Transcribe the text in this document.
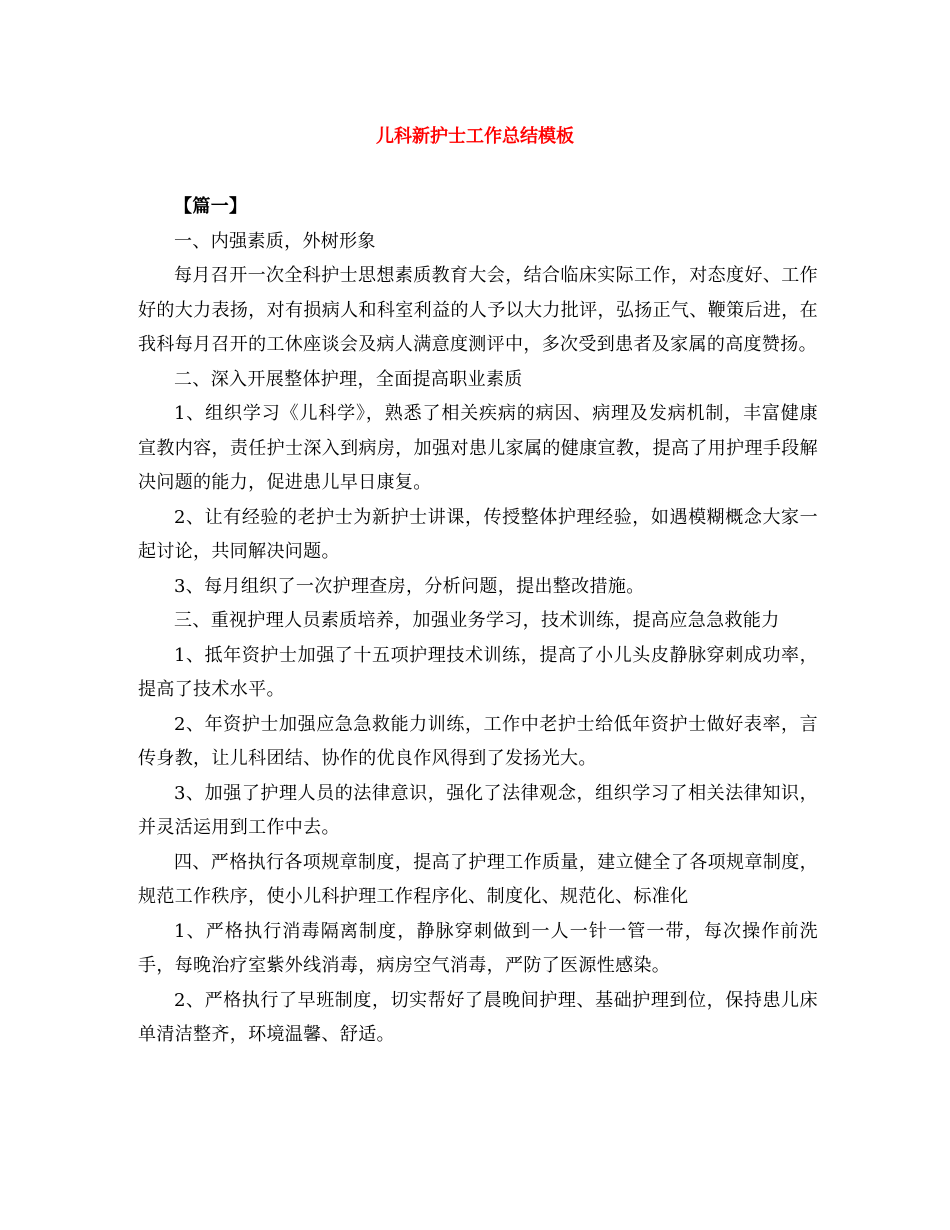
儿科新护士工作总结模板

【篇一】

一、内强素质，外树形象

每月召开一次全科护士思想素质教育大会，结合临床实际工作，对态度好、工作好的大力表扬，对有损病人和科室利益的人予以大力批评，弘扬正气、鞭策后进，在我科每月召开的工休座谈会及病人满意度测评中，多次受到患者及家属的高度赞扬。

二、深入开展整体护理，全面提高职业素质

1、组织学习《儿科学》，熟悉了相关疾病的病因、病理及发病机制，丰富健康宣教内容，责任护士深入到病房，加强对患儿家属的健康宣教，提高了用护理手段解决问题的能力，促进患儿早日康复。

2、让有经验的老护士为新护士讲课，传授整体护理经验，如遇模糊概念大家一起讨论，共同解决问题。

3、每月组织了一次护理查房，分析问题，提出整改措施。

三、重视护理人员素质培养，加强业务学习，技术训练，提高应急急救能力

1、抵年资护士加强了十五项护理技术训练，提高了小儿头皮静脉穿刺成功率，提高了技术水平。

2、年资护士加强应急急救能力训练，工作中老护士给低年资护士做好表率，言传身教，让儿科团结、协作的优良作风得到了发扬光大。

3、加强了护理人员的法律意识，强化了法律观念，组织学习了相关法律知识，并灵活运用到工作中去。

四、严格执行各项规章制度，提高了护理工作质量，建立健全了各项规章制度，规范工作秩序，使小儿科护理工作程序化、制度化、规范化、标准化

1、严格执行消毒隔离制度，静脉穿刺做到一人一针一管一带，每次操作前洗手，每晚治疗室紫外线消毒，病房空气消毒，严防了医源性感染。

2、严格执行了早班制度，切实帮好了晨晚间护理、基础护理到位，保持患儿床单清洁整齐，环境温馨、舒适。
